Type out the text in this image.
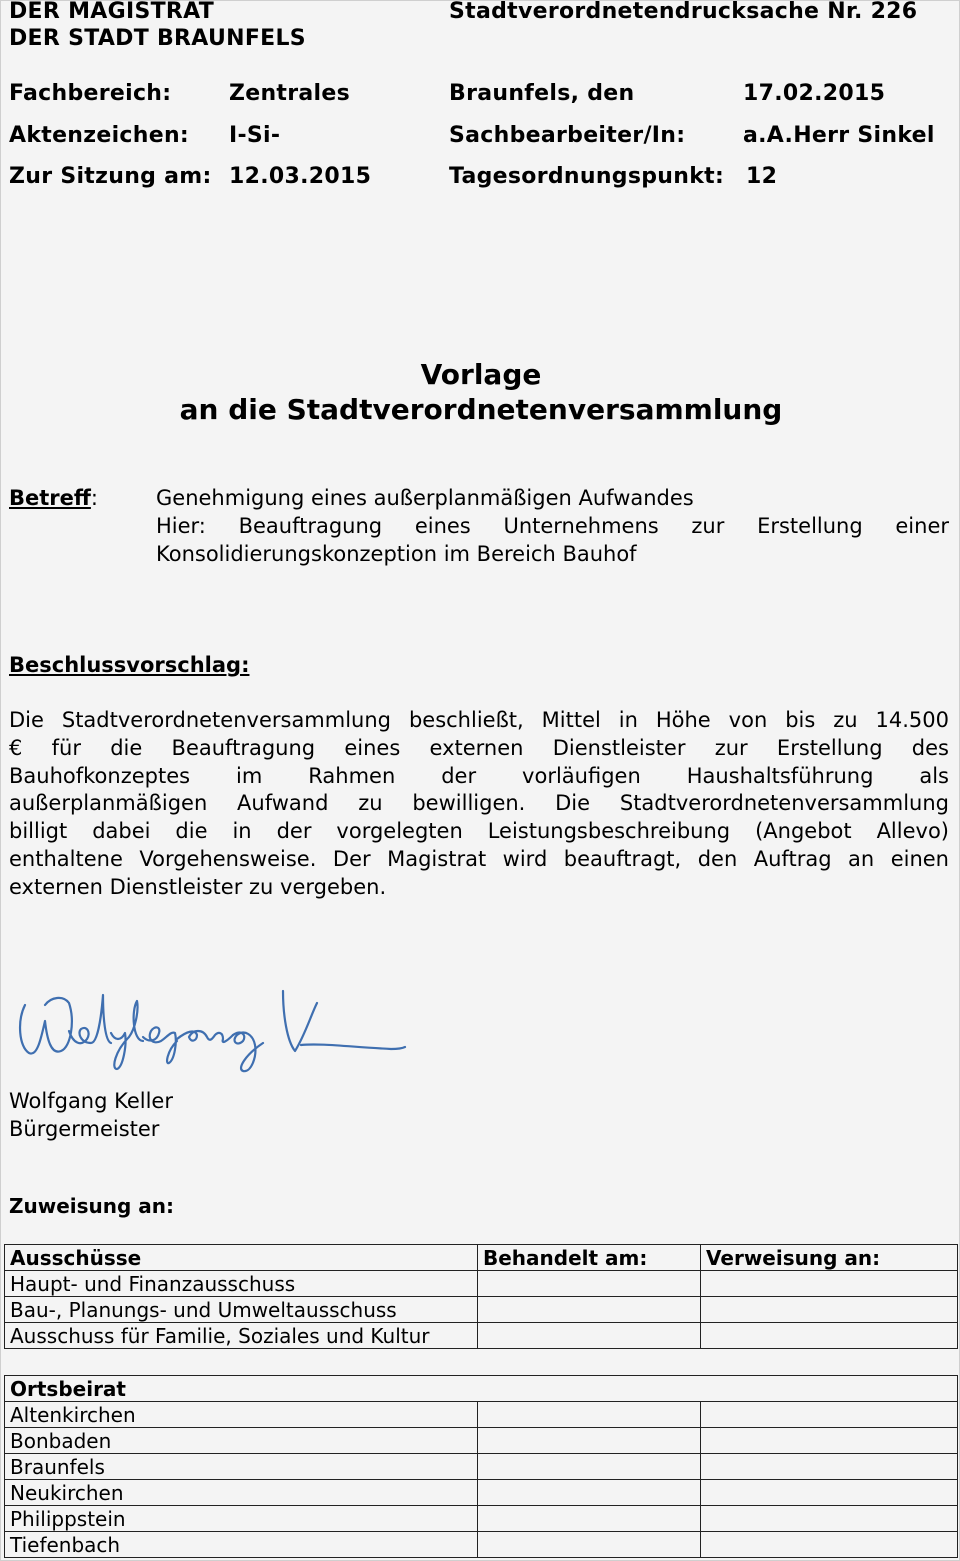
DER MAGISTRAT
DER STADT BRAUNFELS
Stadtverordnetendrucksache Nr. 226
Fachbereich:	Zentrales	Braunfels, den	17.02.2015
Aktenzeichen: I-Si-	Sachbearbeiter/In:	a.A.Herr Sinkel
Zur Sitzung am: 12.03.2015	Tagesordnungspunkt: 12
Vorlage
an die Stadtverordnetenversammlung
Betreff:	Genehmigung eines außerplanmäßigen Aufwandes
Hier: Beauftragung eines Unternehmens zur Erstellung einer
Konsolidierungskonzeption im Bereich Bauhof
Beschlussvorschlag:
Die Stadtverordnetenversammlung beschließt, Mittel in Höhe von bis zu 14.500
€ für die Beauftragung eines externen Dienstleister zur Erstellung des
Bauhofkonzeptes im Rahmen der vorläufigen Haushaltsführung als
außerplanmäßigen Aufwand zu bewilligen. Die Stadtverordnetenversammlung
billigt dabei die in der vorgelegten Leistungsbeschreibung (Angebot Allevo)
enthaltene Vorgehensweise. Der Magistrat wird beauftragt, den Auftrag an einen
externen Dienstleister zu vergeben.
Wolfgang Keller
Bürgermeister
Zuweisung an:
Ausschüsse	Behandelt am:	Verweisung an:
Haupt- und Finanzausschuss		
Bau-, Planungs- und Umweltausschuss		
Ausschuss für Familie, Soziales und Kultur		
Ortsbeirat		
Altenkirchen		
Bonbaden		
Braunfels		
Neukirchen		
Philippstein		
Tiefenbach		
